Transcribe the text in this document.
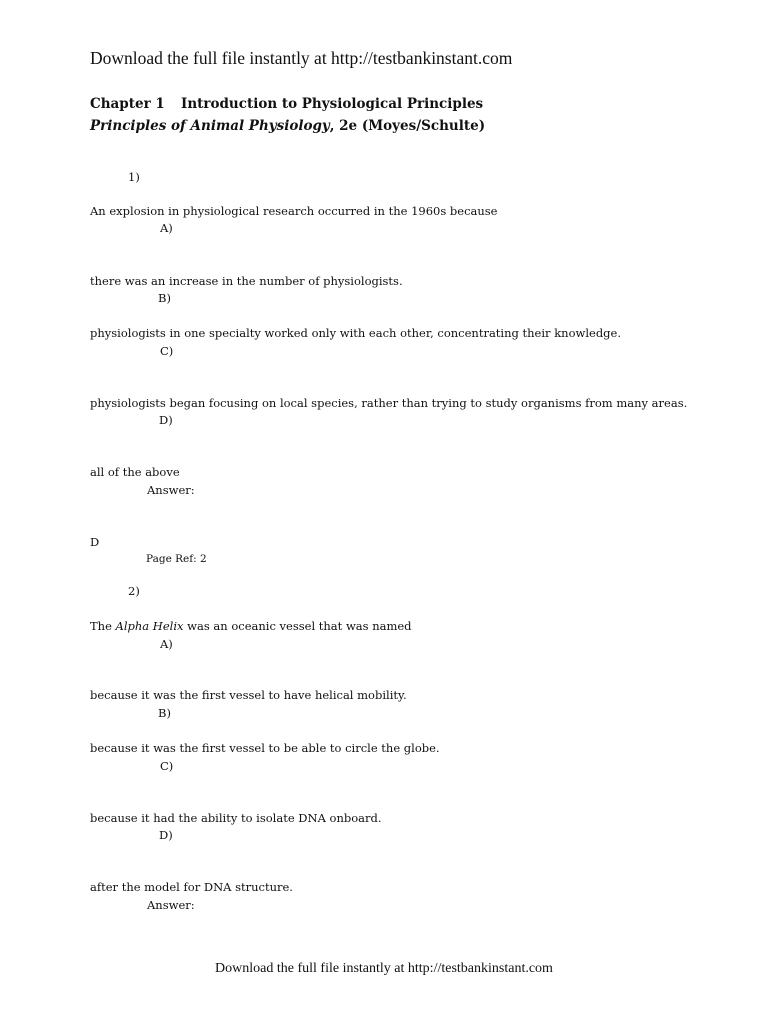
Download the full file instantly at http://testbankinstant.com
Chapter 1 Introduction to Physiological Principles
Principles of Animal Physiology, 2e (Moyes/Schulte)
1)
An explosion in physiological research occurred in the 1960s because
A)
there was an increase in the number of physiologists.
B)
physiologists in one specialty worked only with each other, concentrating their knowledge.
C)
physiologists began focusing on local species, rather than trying to study organisms from many areas.
D)
all of the above
Answer:
D
Page Ref: 2
2)
The Alpha Helix was an oceanic vessel that was named
A)
because it was the first vessel to have helical mobility.
B)
because it was the first vessel to be able to circle the globe.
C)
because it had the ability to isolate DNA onboard.
D)
after the model for DNA structure.
Answer:
Download the full file instantly at http://testbankinstant.com
